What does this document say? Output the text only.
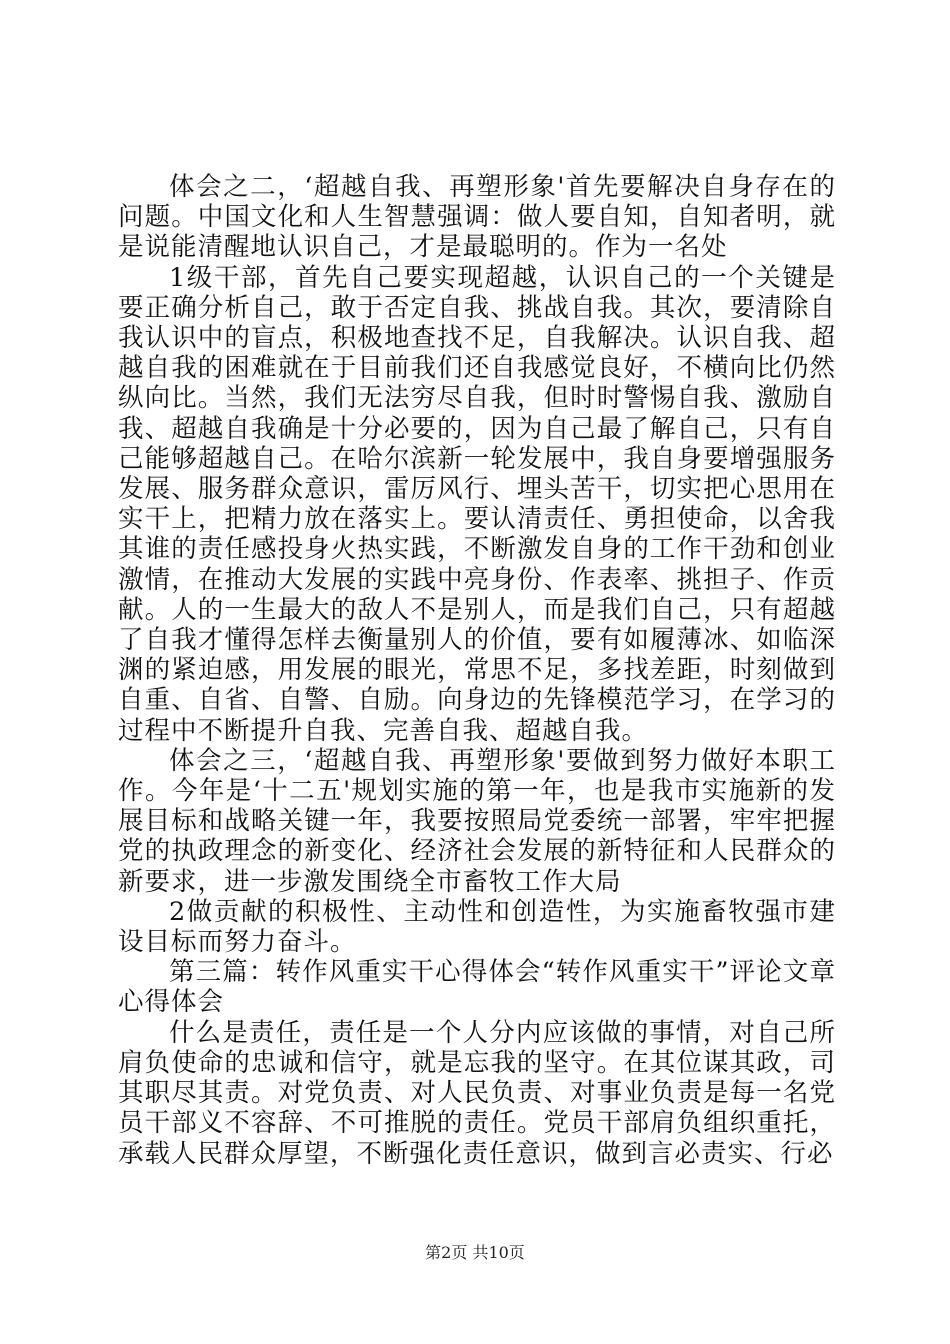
体会之二，‘超越自我、再塑形象'首先要解决自身存在的问题。中国文化和人生智慧强调：做人要自知，自知者明，就是说能清醒地认识自己，才是最聪明的。作为一名处

1级干部，首先自己要实现超越，认识自己的一个关键是要正确分析自己，敢于否定自我、挑战自我。其次，要清除自我认识中的盲点，积极地查找不足，自我解决。认识自我、超越自我的困难就在于目前我们还自我感觉良好，不横向比仍然纵向比。当然，我们无法穷尽自我，但时时警惕自我、激励自我、超越自我确是十分必要的，因为自己最了解自己，只有自己能够超越自己。在哈尔滨新一轮发展中，我自身要增强服务发展、服务群众意识，雷厉风行、埋头苦干，切实把心思用在实干上，把精力放在落实上。要认清责任、勇担使命，以舍我其谁的责任感投身火热实践，不断激发自身的工作干劲和创业激情，在推动大发展的实践中亮身份、作表率、挑担子、作贡献。人的一生最大的敌人不是别人，而是我们自己，只有超越了自我才懂得怎样去衡量别人的价值，要有如履薄冰、如临深渊的紧迫感，用发展的眼光，常思不足，多找差距，时刻做到自重、自省、自警、自励。向身边的先锋模范学习，在学习的过程中不断提升自我、完善自我、超越自我。

体会之三，‘超越自我、再塑形象'要做到努力做好本职工作。今年是‘十二五'规划实施的第一年，也是我市实施新的发展目标和战略关键一年，我要按照局党委统一部署，牢牢把握党的执政理念的新变化、经济社会发展的新特征和人民群众的新要求，进一步激发围绕全市畜牧工作大局

2做贡献的积极性、主动性和创造性，为实施畜牧强市建设目标而努力奋斗。

第三篇：转作风重实干心得体会“转作风重实干”评论文章心得体会

什么是责任，责任是一个人分内应该做的事情，对自己所肩负使命的忠诚和信守，就是忘我的坚守。在其位谋其政，司其职尽其责。对党负责、对人民负责、对事业负责是每一名党员干部义不容辞、不可推脱的责任。党员干部肩负组织重托，承载人民群众厚望，不断强化责任意识，做到言必责实、行必

第2页 共10页
